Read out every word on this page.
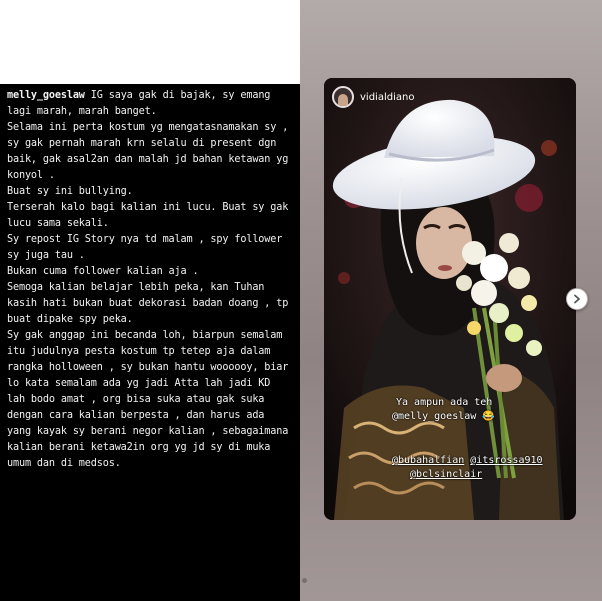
melly_goeslaw IG saya gak di bajak, sy emang lagi marah, marah banget.

Selama ini perta kostum yg mengatasnamakan sy , sy gak pernah marah krn selalu di present dgn baik, gak asal2an dan malah jd bahan ketawan yg konyol .

Buat sy ini bullying.

Terserah kalo bagi kalian ini lucu. Buat sy gak lucu sama sekali.

Sy repost IG Story nya td malam , spy follower sy juga tau .

Bukan cuma follower kalian aja .

Semoga kalian belajar lebih peka, kan Tuhan kasih hati bukan buat dekorasi badan doang , tp buat dipake spy peka.

Sy gak anggap ini becanda loh, biarpun semalam itu judulnya pesta kostum tp tetep aja dalam rangka holloween , sy bukan hantu woooooy, biar lo kata semalam ada yg jadi Atta lah jadi KD lah bodo amat , org bisa suka atau gak suka dengan cara kalian berpesta , dan harus ada yang kayak sy berani negor kalian , sebagaimana kalian berani ketawa2in org yg jd sy di muka umum dan di medsos.

vidialdiano
Ya ampun ada teh
@melly_goeslaw 😂
@bubahalfian @itsrossa910
@bclsinclair
